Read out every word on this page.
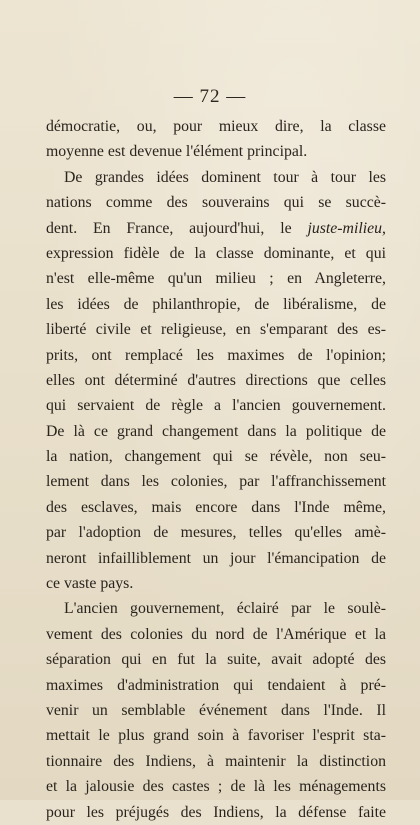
— 72 —
démocratie, ou, pour mieux dire, la classe
moyenne est devenue l'élément principal.
De grandes idées dominent tour à tour les
nations comme des souverains qui se succè-
dent. En France, aujourd'hui, le juste-milieu,
expression fidèle de la classe dominante, et qui
n'est elle-même qu'un milieu ; en Angleterre,
les idées de philanthropie, de libéralisme, de
liberté civile et religieuse, en s'emparant des es-
prits, ont remplacé les maximes de l'opinion;
elles ont déterminé d'autres directions que celles
qui servaient de règle a l'ancien gouvernement.
De là ce grand changement dans la politique de
la nation, changement qui se révèle, non seu-
lement dans les colonies, par l'affranchissement
des esclaves, mais encore dans l'Inde même,
par l'adoption de mesures, telles qu'elles amè-
neront infailliblement un jour l'émancipation de
ce vaste pays.
L'ancien gouvernement, éclairé par le soulè-
vement des colonies du nord de l'Amérique et la
séparation qui en fut la suite, avait adopté des
maximes d'administration qui tendaient à pré-
venir un semblable événement dans l'Inde. Il
mettait le plus grand soin à favoriser l'esprit sta-
tionnaire des Indiens, à maintenir la distinction
et la jalousie des castes ; de là les ménagements
pour les préjugés des Indiens, la défense faite
